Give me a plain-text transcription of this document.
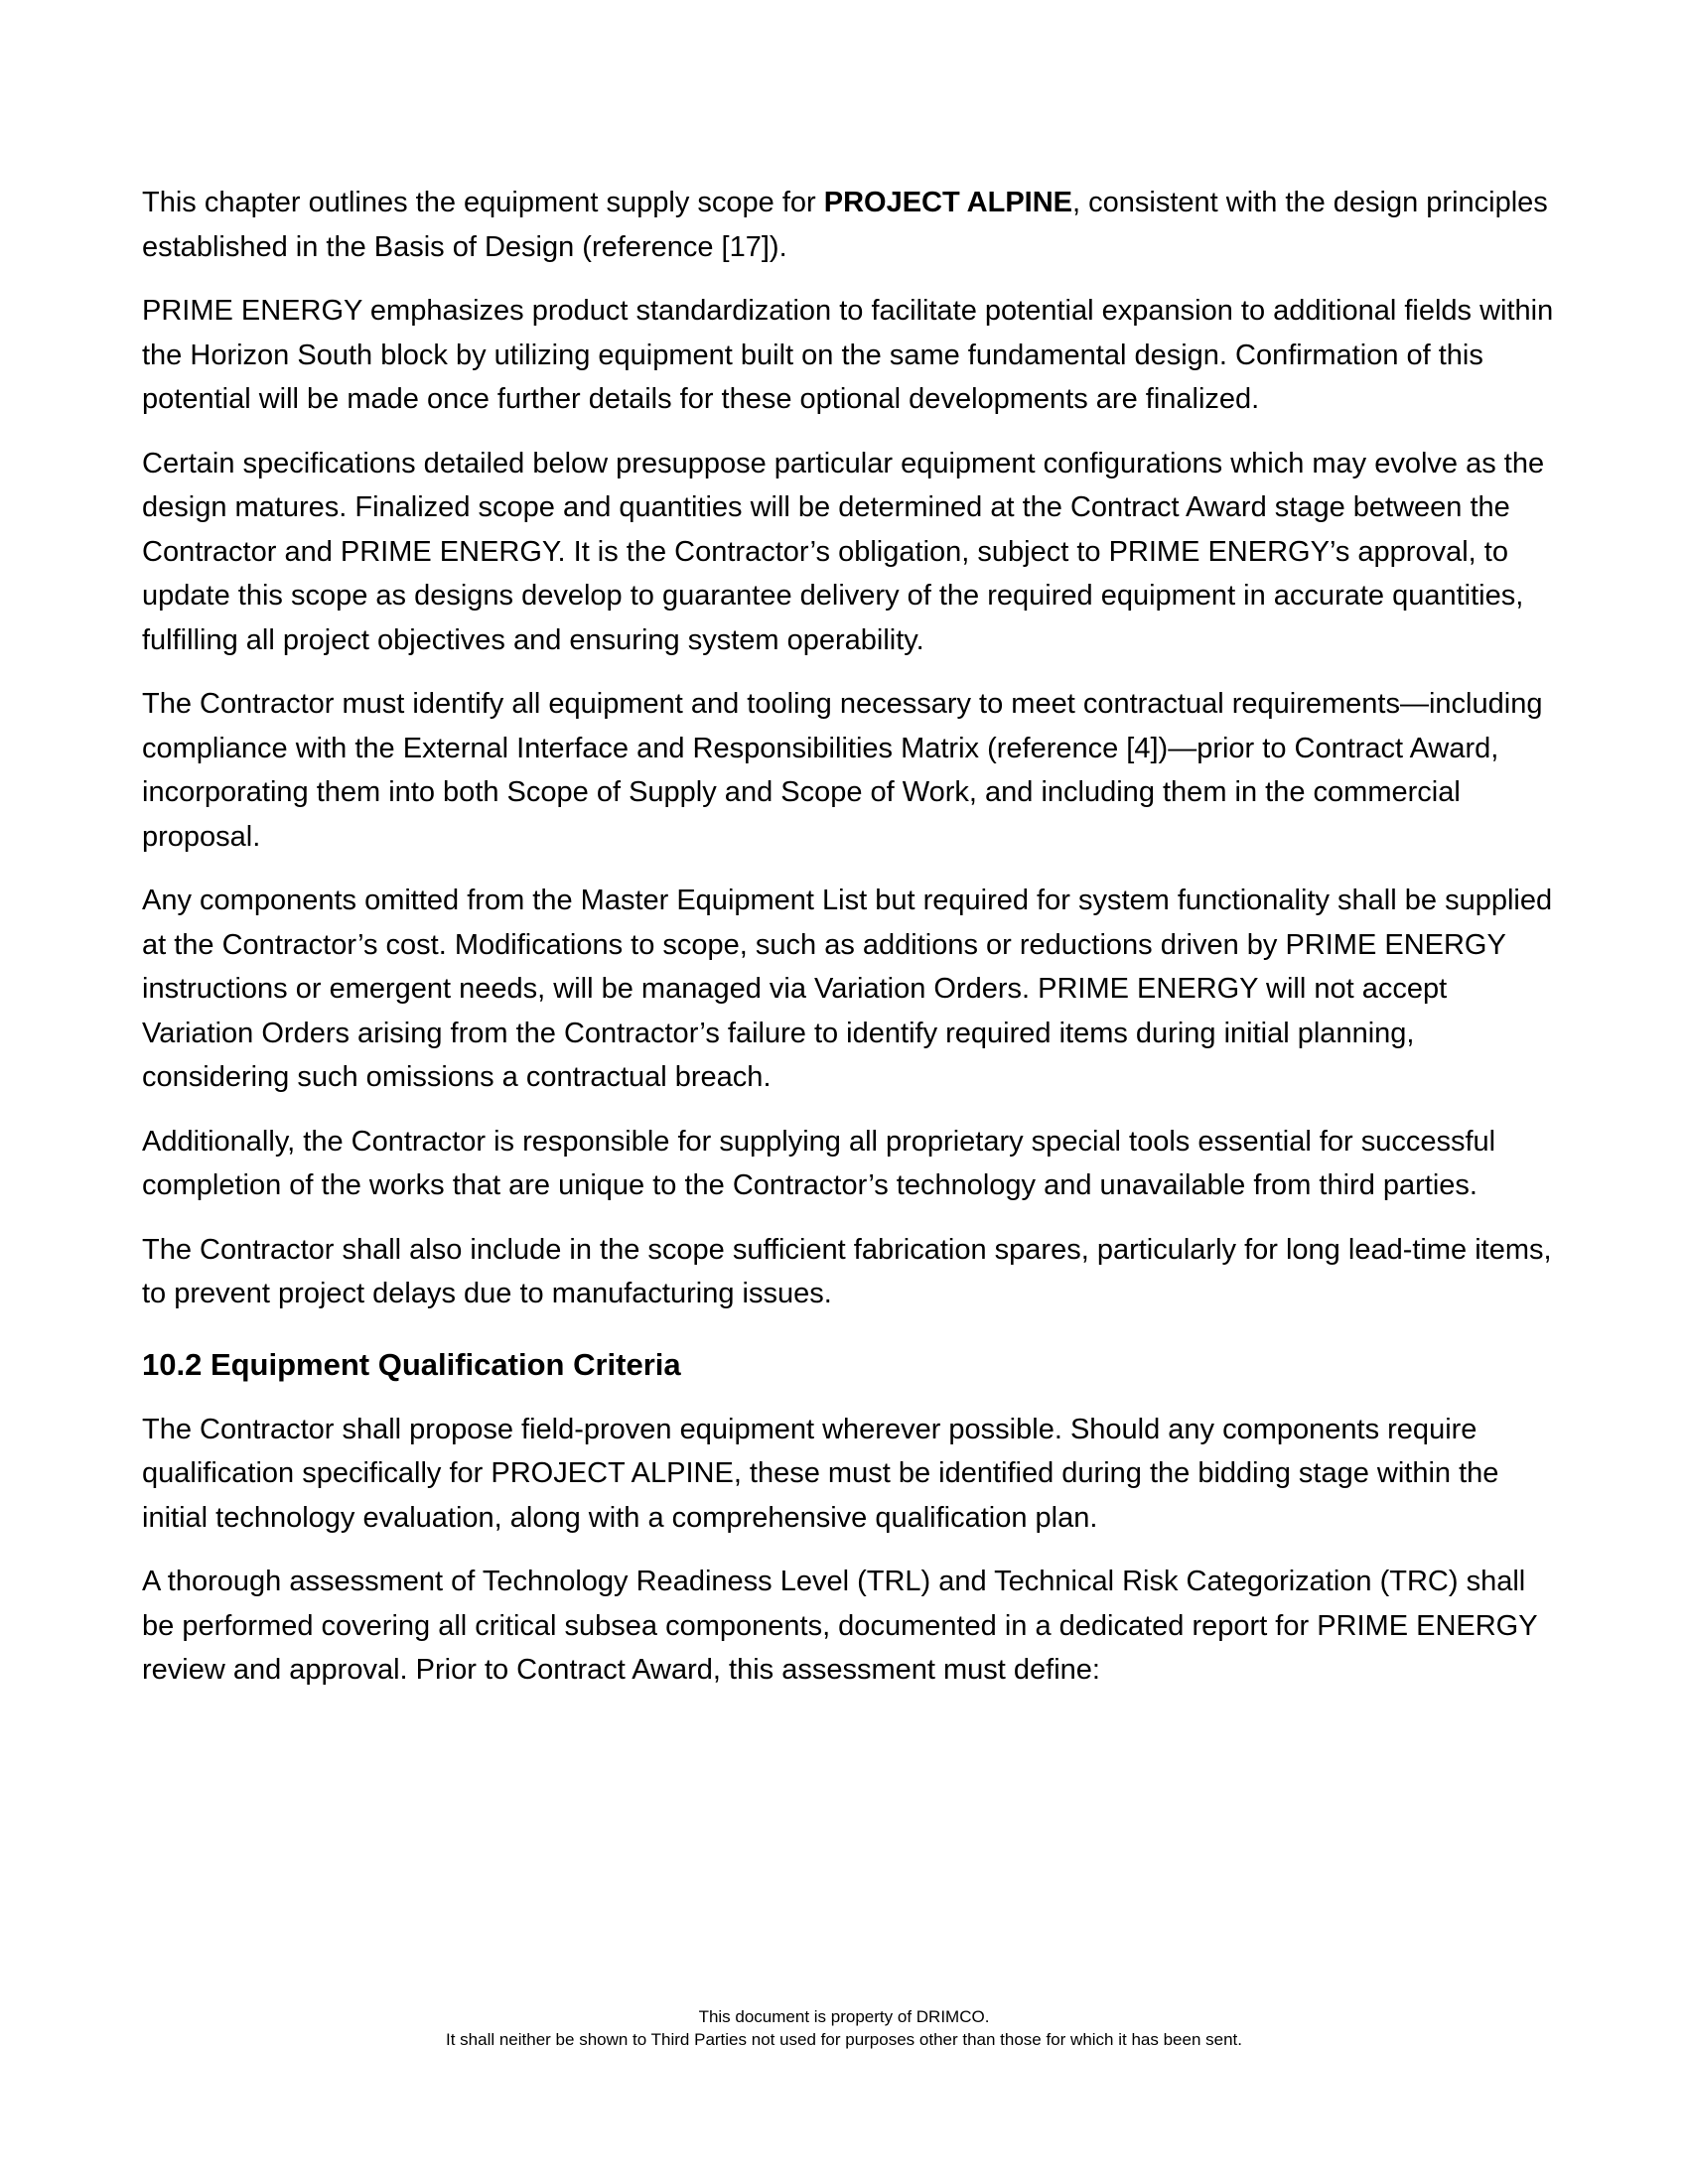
This chapter outlines the equipment supply scope for PROJECT ALPINE, consistent with the design principles established in the Basis of Design (reference [17]).

PRIME ENERGY emphasizes product standardization to facilitate potential expansion to additional fields within the Horizon South block by utilizing equipment built on the same fundamental design. Confirmation of this potential will be made once further details for these optional developments are finalized.

Certain specifications detailed below presuppose particular equipment configurations which may evolve as the design matures. Finalized scope and quantities will be determined at the Contract Award stage between the Contractor and PRIME ENERGY. It is the Contractor’s obligation, subject to PRIME ENERGY’s approval, to update this scope as designs develop to guarantee delivery of the required equipment in accurate quantities, fulfilling all project objectives and ensuring system operability.

The Contractor must identify all equipment and tooling necessary to meet contractual requirements—including compliance with the External Interface and Responsibilities Matrix (reference [4])—prior to Contract Award, incorporating them into both Scope of Supply and Scope of Work, and including them in the commercial proposal.

Any components omitted from the Master Equipment List but required for system functionality shall be supplied at the Contractor’s cost. Modifications to scope, such as additions or reductions driven by PRIME ENERGY instructions or emergent needs, will be managed via Variation Orders. PRIME ENERGY will not accept Variation Orders arising from the Contractor’s failure to identify required items during initial planning, considering such omissions a contractual breach.

Additionally, the Contractor is responsible for supplying all proprietary special tools essential for successful completion of the works that are unique to the Contractor’s technology and unavailable from third parties.

The Contractor shall also include in the scope sufficient fabrication spares, particularly for long lead-time items, to prevent project delays due to manufacturing issues.

10.2 Equipment Qualification Criteria

The Contractor shall propose field-proven equipment wherever possible. Should any components require qualification specifically for PROJECT ALPINE, these must be identified during the bidding stage within the initial technology evaluation, along with a comprehensive qualification plan.

A thorough assessment of Technology Readiness Level (TRL) and Technical Risk Categorization (TRC) shall be performed covering all critical subsea components, documented in a dedicated report for PRIME ENERGY review and approval. Prior to Contract Award, this assessment must define:

This document is property of DRIMCO.
It shall neither be shown to Third Parties not used for purposes other than those for which it has been sent.
